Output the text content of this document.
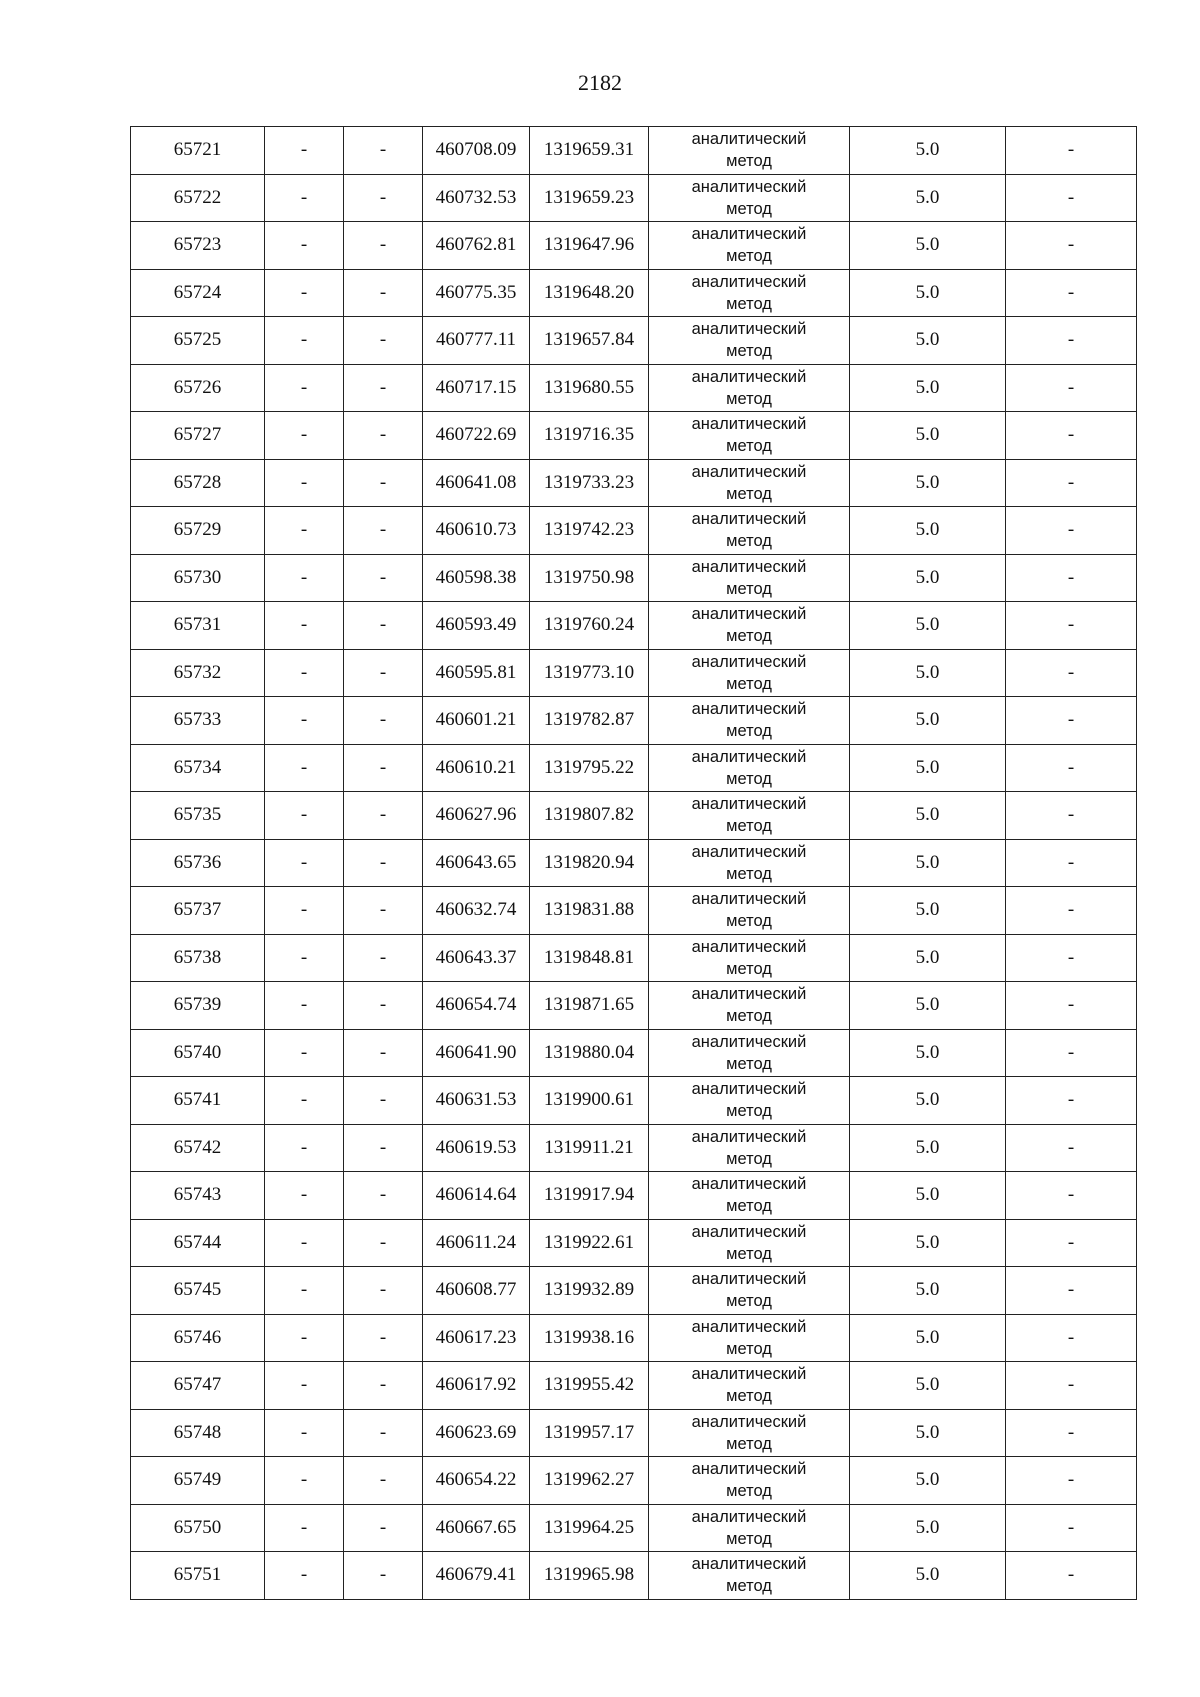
2182
65721	-	-	460708.09	1319659.31	аналитический
метод	5.0	-
65722	-	-	460732.53	1319659.23	аналитический
метод	5.0	-
65723	-	-	460762.81	1319647.96	аналитический
метод	5.0	-
65724	-	-	460775.35	1319648.20	аналитический
метод	5.0	-
65725	-	-	460777.11	1319657.84	аналитический
метод	5.0	-
65726	-	-	460717.15	1319680.55	аналитический
метод	5.0	-
65727	-	-	460722.69	1319716.35	аналитический
метод	5.0	-
65728	-	-	460641.08	1319733.23	аналитический
метод	5.0	-
65729	-	-	460610.73	1319742.23	аналитический
метод	5.0	-
65730	-	-	460598.38	1319750.98	аналитический
метод	5.0	-
65731	-	-	460593.49	1319760.24	аналитический
метод	5.0	-
65732	-	-	460595.81	1319773.10	аналитический
метод	5.0	-
65733	-	-	460601.21	1319782.87	аналитический
метод	5.0	-
65734	-	-	460610.21	1319795.22	аналитический
метод	5.0	-
65735	-	-	460627.96	1319807.82	аналитический
метод	5.0	-
65736	-	-	460643.65	1319820.94	аналитический
метод	5.0	-
65737	-	-	460632.74	1319831.88	аналитический
метод	5.0	-
65738	-	-	460643.37	1319848.81	аналитический
метод	5.0	-
65739	-	-	460654.74	1319871.65	аналитический
метод	5.0	-
65740	-	-	460641.90	1319880.04	аналитический
метод	5.0	-
65741	-	-	460631.53	1319900.61	аналитический
метод	5.0	-
65742	-	-	460619.53	1319911.21	аналитический
метод	5.0	-
65743	-	-	460614.64	1319917.94	аналитический
метод	5.0	-
65744	-	-	460611.24	1319922.61	аналитический
метод	5.0	-
65745	-	-	460608.77	1319932.89	аналитический
метод	5.0	-
65746	-	-	460617.23	1319938.16	аналитический
метод	5.0	-
65747	-	-	460617.92	1319955.42	аналитический
метод	5.0	-
65748	-	-	460623.69	1319957.17	аналитический
метод	5.0	-
65749	-	-	460654.22	1319962.27	аналитический
метод	5.0	-
65750	-	-	460667.65	1319964.25	аналитический
метод	5.0	-
65751	-	-	460679.41	1319965.98	аналитический
метод	5.0	-
